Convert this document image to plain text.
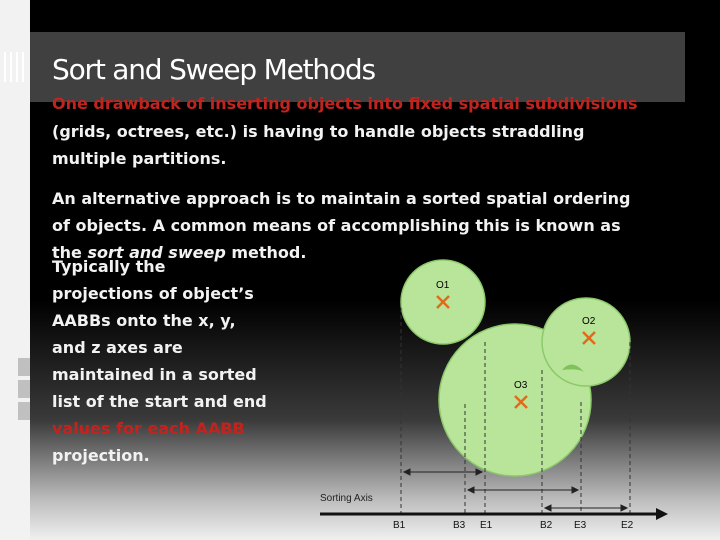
Sort and Sweep Methods
One drawback of inserting objects into fixed spatial subdivisions
(grids, octrees, etc.) is having to handle objects straddling multiple partitions.
An alternative approach is to maintain a sorted spatial ordering of objects. A common means of accomplishing this is known as the sort and sweep method.
Typically the projections of object’s AABBs onto the x, y, and z axes are maintained in a sorted list of the start and end values for each AABB projection.
O1
O2
O3
Sorting Axis
B1	B3 E1	B2 E3	E2
